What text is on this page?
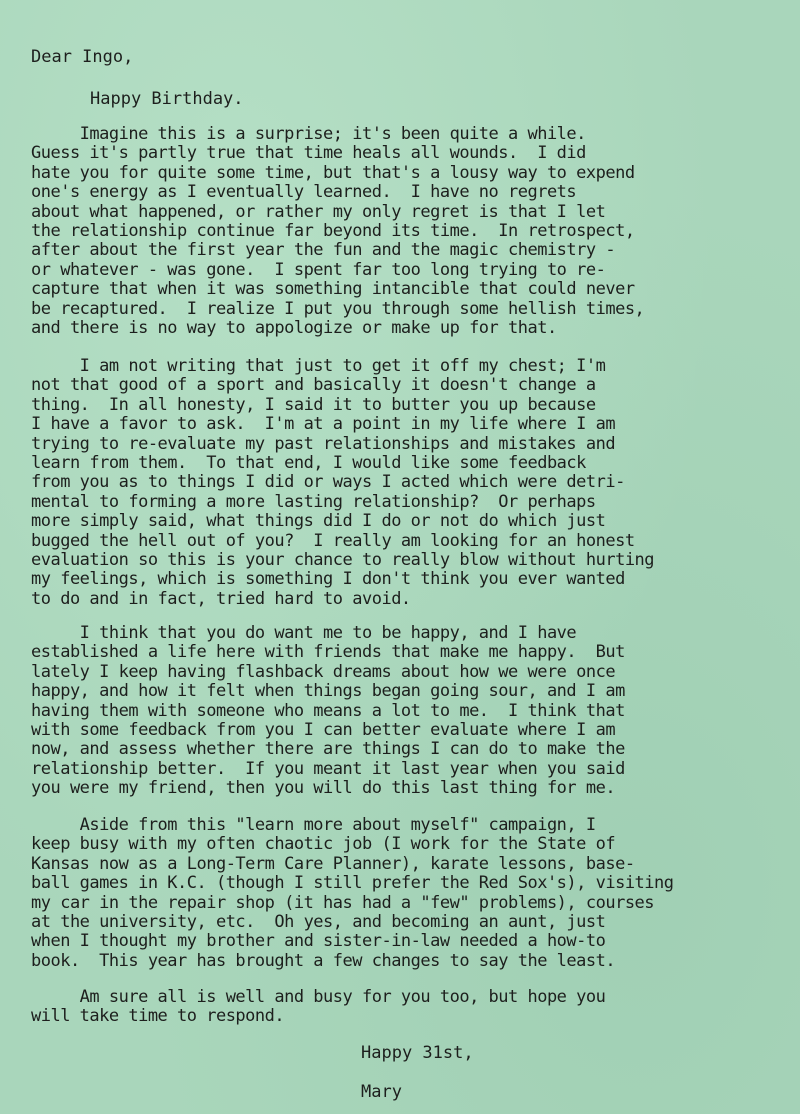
Dear Ingo,

Happy Birthday.

Imagine this is a surprise; it's been quite a while.
Guess it's partly true that time heals all wounds.  I did
hate you for quite some time, but that's a lousy way to expend
one's energy as I eventually learned.  I have no regrets
about what happened, or rather my only regret is that I let
the relationship continue far beyond its time.  In retrospect,
after about the first year the fun and the magic chemistry -
or whatever - was gone.  I spent far too long trying to re-
capture that when it was something intancible that could never
be recaptured.  I realize I put you through some hellish times,
and there is no way to appologize or make up for that.
I am not writing that just to get it off my chest; I'm
not that good of a sport and basically it doesn't change a
thing.  In all honesty, I said it to butter you up because
I have a favor to ask.  I'm at a point in my life where I am
trying to re-evaluate my past relationships and mistakes and
learn from them.  To that end, I would like some feedback
from you as to things I did or ways I acted which were detri-
mental to forming a more lasting relationship?  Or perhaps
more simply said, what things did I do or not do which just
bugged the hell out of you?  I really am looking for an honest
evaluation so this is your chance to really blow without hurting
my feelings, which is something I don't think you ever wanted
to do and in fact, tried hard to avoid.
I think that you do want me to be happy, and I have
established a life here with friends that make me happy.  But
lately I keep having flashback dreams about how we were once
happy, and how it felt when things began going sour, and I am
having them with someone who means a lot to me.  I think that
with some feedback from you I can better evaluate where I am
now, and assess whether there are things I can do to make the
relationship better.  If you meant it last year when you said
you were my friend, then you will do this last thing for me.
Aside from this "learn more about myself" campaign, I
keep busy with my often chaotic job (I work for the State of
Kansas now as a Long-Term Care Planner), karate lessons, base-
ball games in K.C. (though I still prefer the Red Sox's), visiting
my car in the repair shop (it has had a "few" problems), courses
at the university, etc.  Oh yes, and becoming an aunt, just
when I thought my brother and sister-in-law needed a how-to
book.  This year has brought a few changes to say the least.
Am sure all is well and busy for you too, but hope you
will take time to respond.

Happy 31st,

Mary
